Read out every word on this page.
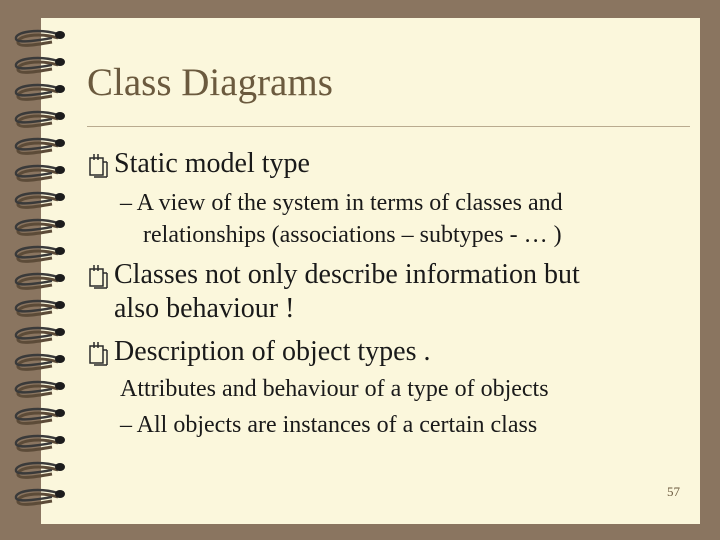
Class Diagrams
Static model type
– A view of the system in terms of classes and
relationships (associations – subtypes - … )
Classes not only describe information but
also behaviour !
Description of object types .
Attributes and behaviour of a type of objects
– All objects are instances of a certain class
57
